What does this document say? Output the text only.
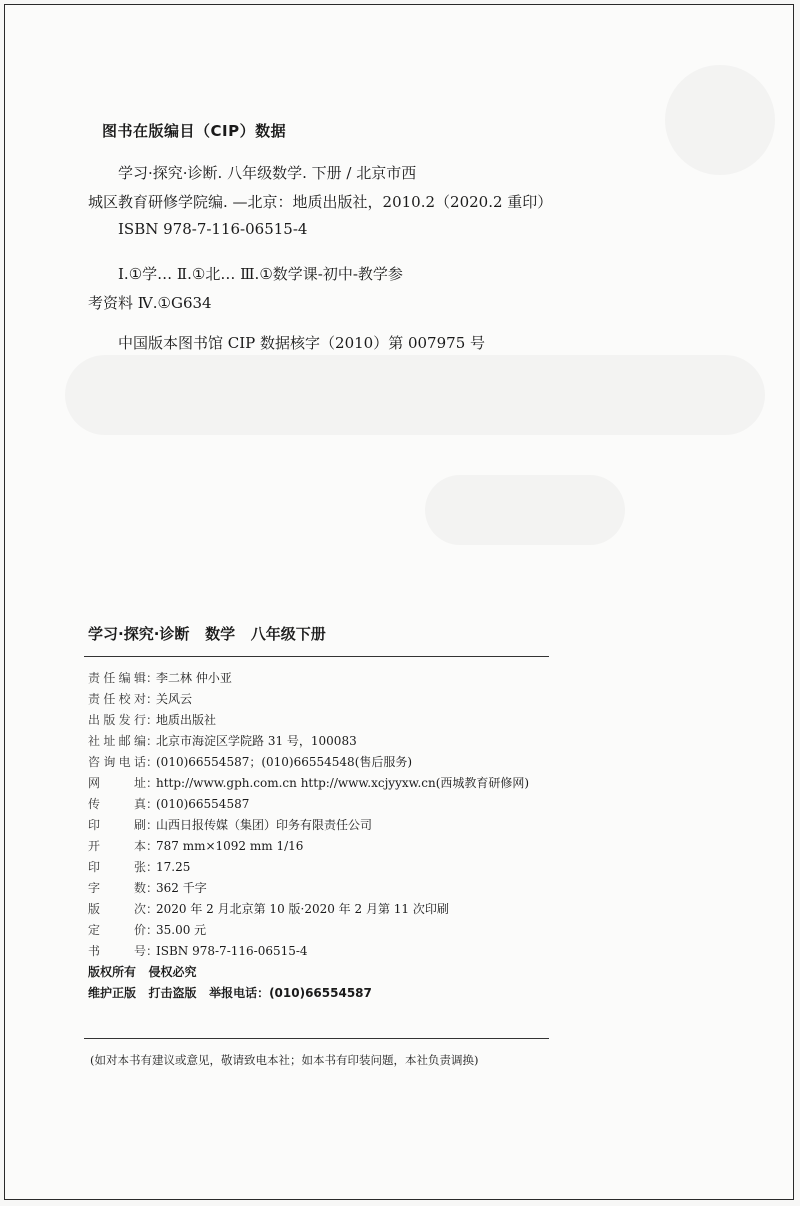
图书在版编目（CIP）数据
学习·探究·诊断. 八年级数学. 下册 / 北京市西
城区教育研修学院编. —北京：地质出版社，2010.2（2020.2 重印）
ISBN 978-7-116-06515-4
Ⅰ.①学… Ⅱ.①北… Ⅲ.①数学课-初中-教学参
考资料 Ⅳ.①G634
中国版本图书馆 CIP 数据核字（2010）第 007975 号
学习·探究·诊断   数学   八年级下册
责 任 编 辑 ：
李二林 仲小亚
责 任 校 对 ：
关风云
出 版 发 行 ：
地质出版社
社 址 邮 编 ：
北京市海淀区学院路 31 号，100083
咨 询 电 话 ：
(010)66554587；(010)66554548(售后服务)
网	址 ：
http://www.gph.com.cn http://www.xcjyyxw.cn(西城教育研修网)
传	真 ：
(010)66554587
印	刷 ：
山西日报传媒（集团）印务有限责任公司
开	本 ：
787 mm×1092 mm 1/16
印	张 ：
17.25
字	数 ：
362 千字
版	次 ：
2020 年 2 月北京第 10 版·2020 年 2 月第 11 次印刷
定	价 ：
35.00 元
书	号 ：
ISBN 978-7-116-06515-4
版权所有   侵权必究
维护正版   打击盗版   举报电话：(010)66554587
(如对本书有建议或意见，敬请致电本社；如本书有印装问题，本社负责调换)
